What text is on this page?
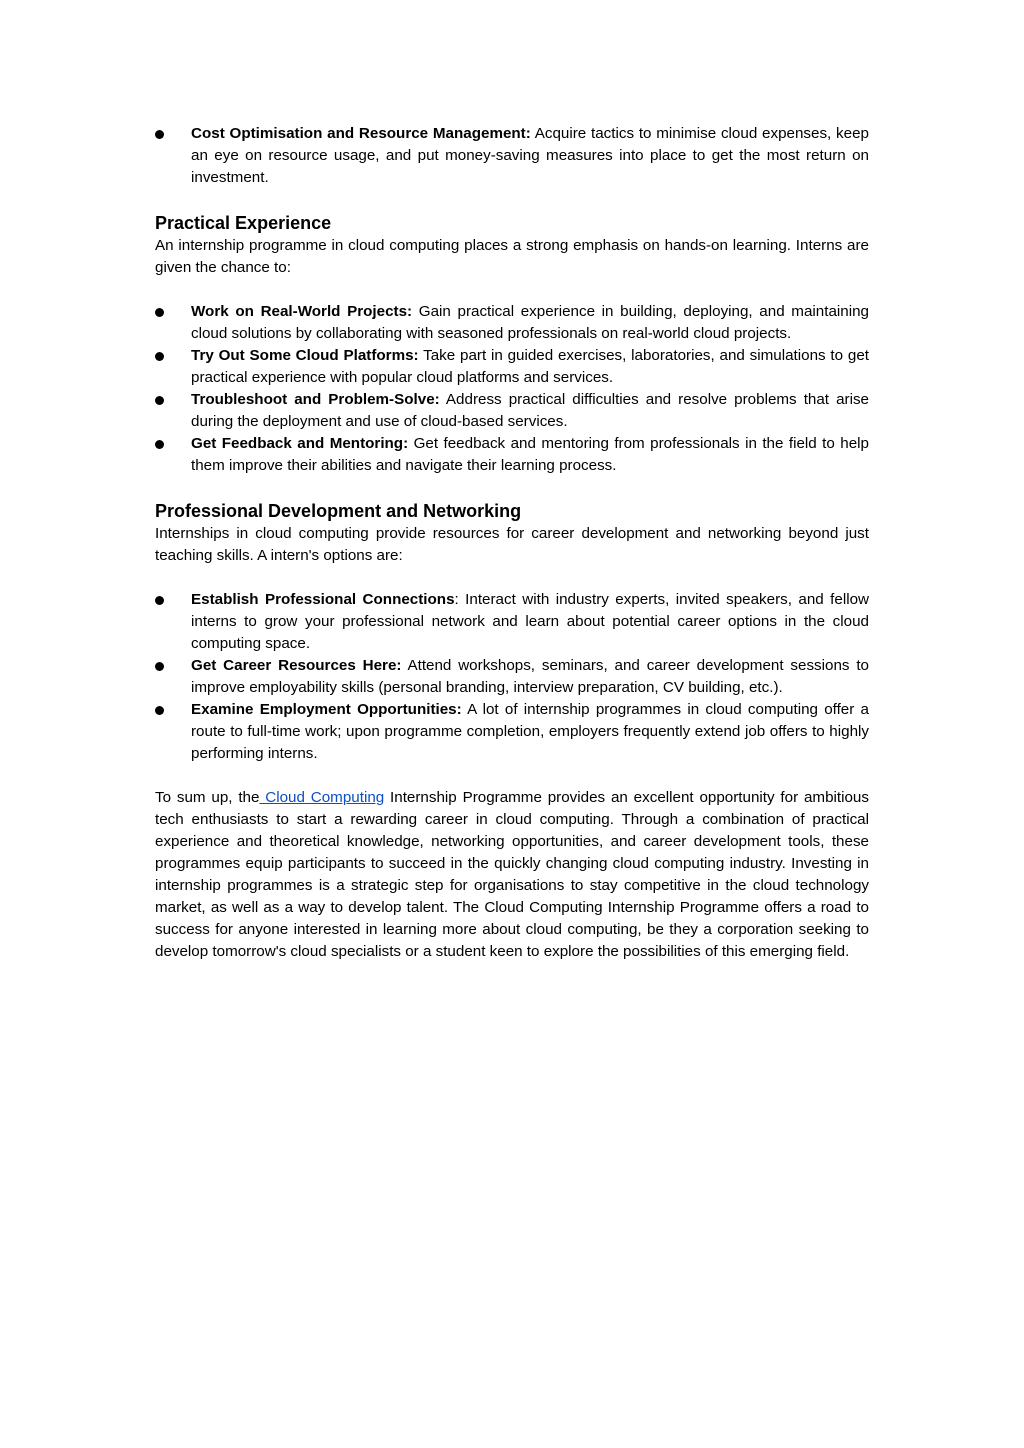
Cost Optimisation and Resource Management: Acquire tactics to minimise cloud expenses, keep an eye on resource usage, and put money-saving measures into place to get the most return on investment.
Practical Experience

An internship programme in cloud computing places a strong emphasis on hands-on learning. Interns are given the chance to:

Work on Real-World Projects: Gain practical experience in building, deploying, and maintaining cloud solutions by collaborating with seasoned professionals on real-world cloud projects.
Try Out Some Cloud Platforms: Take part in guided exercises, laboratories, and simulations to get practical experience with popular cloud platforms and services.
Troubleshoot and Problem-Solve: Address practical difficulties and resolve problems that arise during the deployment and use of cloud-based services.
Get Feedback and Mentoring: Get feedback and mentoring from professionals in the field to help them improve their abilities and navigate their learning process.
Professional Development and Networking

Internships in cloud computing provide resources for career development and networking beyond just teaching skills. A intern's options are:

Establish Professional Connections: Interact with industry experts, invited speakers, and fellow interns to grow your professional network and learn about potential career options in the cloud computing space.
Get Career Resources Here: Attend workshops, seminars, and career development sessions to improve employability skills (personal branding, interview preparation, CV building, etc.).
Examine Employment Opportunities: A lot of internship programmes in cloud computing offer a route to full-time work; upon programme completion, employers frequently extend job offers to highly performing interns.

To sum up, the Cloud Computing Internship Programme provides an excellent opportunity for ambitious tech enthusiasts to start a rewarding career in cloud computing. Through a combination of practical experience and theoretical knowledge, networking opportunities, and career development tools, these programmes equip participants to succeed in the quickly changing cloud computing industry. Investing in internship programmes is a strategic step for organisations to stay competitive in the cloud technology market, as well as a way to develop talent. The Cloud Computing Internship Programme offers a road to success for anyone interested in learning more about cloud computing, be they a corporation seeking to develop tomorrow's cloud specialists or a student keen to explore the possibilities of this emerging field.
